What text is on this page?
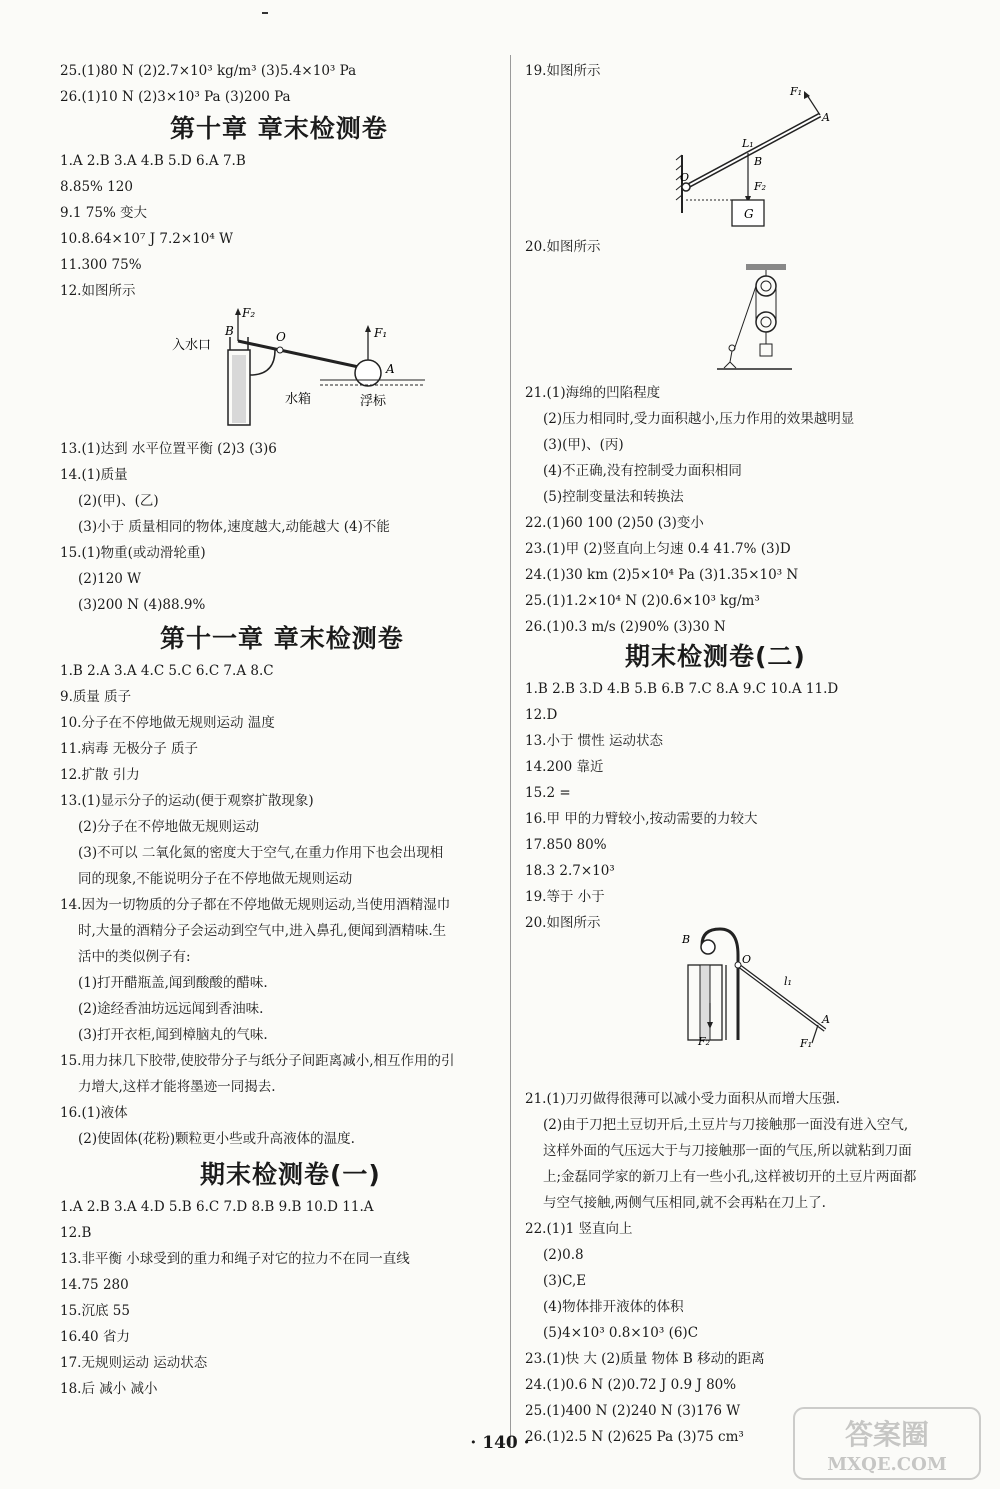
25.(1)80 N (2)2.7×10³ kg/m³ (3)5.4×10³ Pa
26.(1)10 N (2)3×10³ Pa (3)200 Pa
1.A 2.B 3.A 4.B 5.D 6.A 7.B
8.85% 120
9.1 75% 变大
10.8.64×10⁷ J 7.2×10⁴ W
11.300 75%
12.如图所示
13.(1)达到 水平位置平衡 (2)3 (3)6
14.(1)质量
(2)(甲)、(乙)
(3)小于 质量相同的物体,速度越大,动能越大 (4)不能
15.(1)物重(或动滑轮重)
(2)120 W
(3)200 N (4)88.9%
1.B 2.A 3.A 4.C 5.C 6.C 7.A 8.C
9.质量 质子
10.分子在不停地做无规则运动 温度
11.病毒 无极分子 质子
12.扩散 引力
13.(1)显示分子的运动(便于观察扩散现象)
(2)分子在不停地做无规则运动
(3)不可以 二氧化氮的密度大于空气,在重力作用下也会出现相
同的现象,不能说明分子在不停地做无规则运动
14.因为一切物质的分子都在不停地做无规则运动,当使用酒精湿巾
时,大量的酒精分子会运动到空气中,进入鼻孔,便闻到酒精味.生
活中的类似例子有:
(1)打开醋瓶盖,闻到酸酸的醋味.
(2)途经香油坊远远闻到香油味.
(3)打开衣柜,闻到樟脑丸的气味.
15.用力抹几下胶带,使胶带分子与纸分子间距离减小,相互作用的引
力增大,这样才能将墨迹一同揭去.
16.(1)液体
(2)使固体(花粉)颗粒更小些或升高液体的温度.
1.A 2.B 3.A 4.D 5.B 6.C 7.D 8.B 9.B 10.D 11.A
12.B
13.非平衡 小球受到的重力和绳子对它的拉力不在同一直线
14.75 280
15.沉底 55
16.40 省力
17.无规则运动 运动状态
18.后 减小 减小
第十章 章末检测卷
第十一章 章末检测卷
期末检测卷(一)
19.如图所示
20.如图所示
21.(1)海绵的凹陷程度
(2)压力相同时,受力面积越小,压力作用的效果越明显
(3)(甲)、(丙)
(4)不正确,没有控制受力面积相同
(5)控制变量法和转换法
22.(1)60 100 (2)50 (3)变小
23.(1)甲 (2)竖直向上匀速 0.4 41.7% (3)D
24.(1)30 km (2)5×10⁴ Pa (3)1.35×10³ N
25.(1)1.2×10⁴ N (2)0.6×10³ kg/m³
26.(1)0.3 m/s (2)90% (3)30 N
1.B 2.B 3.D 4.B 5.B 6.B 7.C 8.A 9.C 10.A 11.D
12.D
13.小于 惯性 运动状态
14.200 靠近
15.2 =
16.甲 甲的力臂较小,按动需要的力较大
17.850 80%
18.3 2.7×10³
19.等于 小于
20.如图所示
21.(1)刀刃做得很薄可以减小受力面积从而增大压强.
(2)由于刀把土豆切开后,土豆片与刀接触那一面没有进入空气,
这样外面的气压远大于与刀接触那一面的气压,所以就粘到刀面
上;金磊同学家的新刀上有一些小孔,这样被切开的土豆片两面都
与空气接触,两侧气压相同,就不会再粘在刀上了.
22.(1)1 竖直向上
(2)0.8
(3)C,E
(4)物体排开液体的体积
(5)4×10³ 0.8×10³ (6)C
23.(1)快 大 (2)质量 物体 B 移动的距离
24.(1)0.6 N (2)0.72 J 0.9 J 80%
25.(1)400 N (2)240 N (3)176 W
26.(1)2.5 N (2)625 Pa (3)75 cm³
期末检测卷(二)
入水口
B
F₂
O	F₁
A
水箱	浮标
F₁
A
L₁
B
O
F₂
G
B
O
l₁
A
F₁
F₂
· 140 ·	答案圈
MXQE.COM
